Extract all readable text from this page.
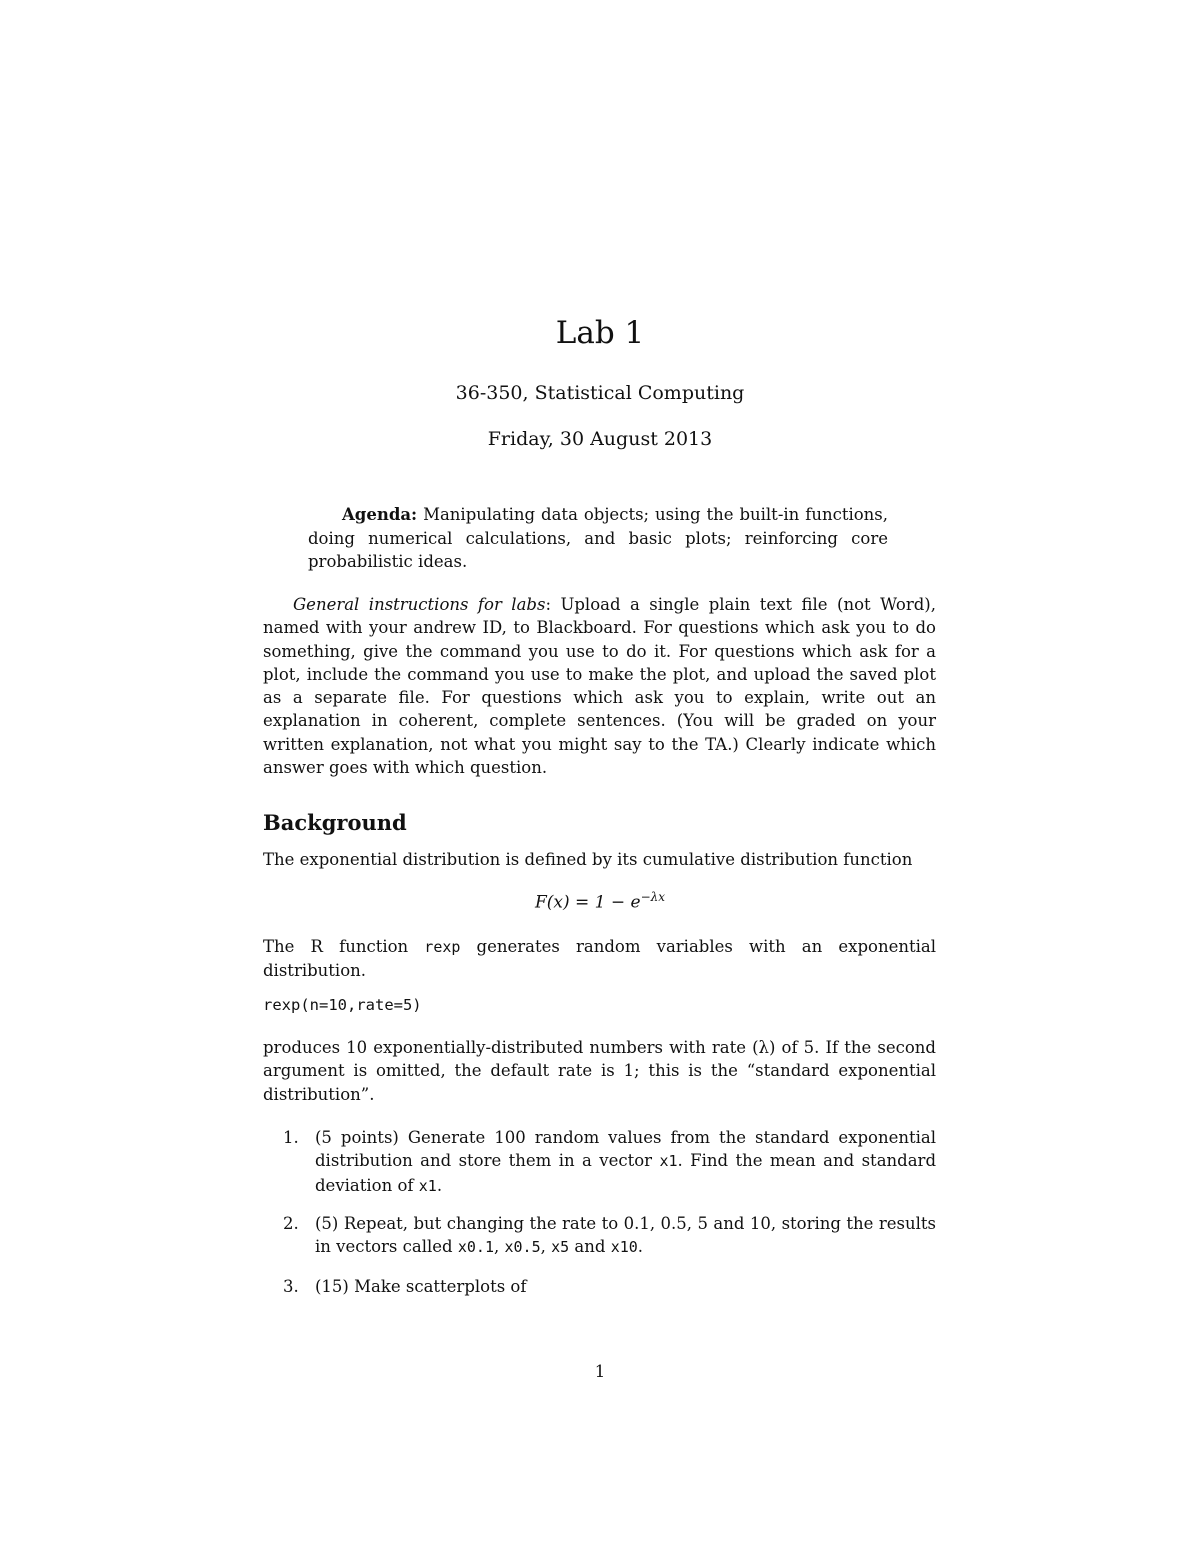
Lab 1

36-350, Statistical Computing

Friday, 30 August 2013

Agenda: Manipulating data objects; using the built-in functions, doing numerical calculations, and basic plots; reinforcing core probabilistic ideas.

General instructions for labs: Upload a single plain text file (not Word), named with your andrew ID, to Blackboard. For questions which ask you to do something, give the command you use to do it. For questions which ask for a plot, include the command you use to make the plot, and upload the saved plot as a separate file. For questions which ask you to explain, write out an explanation in coherent, complete sentences. (You will be graded on your written explanation, not what you might say to the TA.) Clearly indicate which answer goes with which question.

Background

The exponential distribution is defined by its cumulative distribution function

$F(x) = 1 - e^{-\lambda x}$

The R function rexp generates random variables with an exponential distribution.

rexp(n=10,rate=5)

produces 10 exponentially-distributed numbers with rate (λ) of 5. If the second argument is omitted, the default rate is 1; this is the “standard exponential distribution”.

1. (5 points) Generate 100 random values from the standard exponential distribution and store them in a vector x1. Find the mean and standard deviation of x1.
2. (5) Repeat, but changing the rate to 0.1, 0.5, 5 and 10, storing the results in vectors called x0.1, x0.5, x5 and x10.
3. (15) Make scatterplots of
1
